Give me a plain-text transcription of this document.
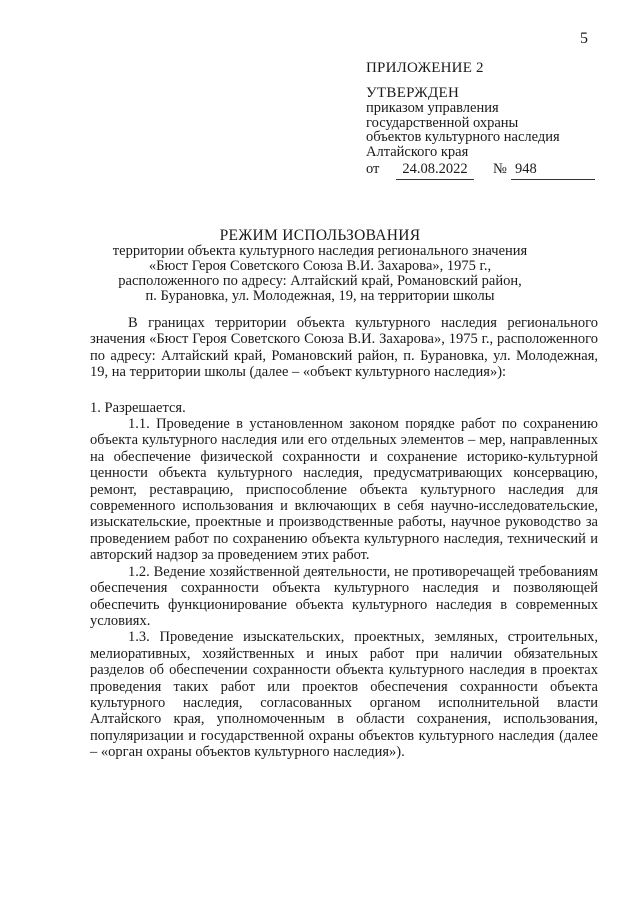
5
ПРИЛОЖЕНИЕ 2
УТВЕРЖДЕН
приказом управления
государственной охраны
объектов культурного наследия
Алтайского края
от	24.08.2022	№ 948
РЕЖИМ ИСПОЛЬЗОВАНИЯ
территории объекта культурного наследия регионального значения
«Бюст Героя Советского Союза В.И. Захарова», 1975 г.,
расположенного по адресу: Алтайский край, Романовский район,
п. Бурановка, ул. Молодежная, 19, на территории школы

В границах территории объекта культурного наследия регионального значения «Бюст Героя Советского Союза В.И. Захарова», 1975 г., расположенного по адресу: Алтайский край, Романовский район, п. Бурановка, ул. Молодежная, 19, на территории школы (далее – «объект культурного наследия»):

1. Разрешается.

1.1. Проведение в установленном законом порядке работ по сохранению объекта культурного наследия или его отдельных элементов – мер, направленных на обеспечение физической сохранности и сохранение историко-культурной ценности объекта культурного наследия, предусматривающих консервацию, ремонт, реставрацию, приспособление объекта культурного наследия для современного использования и включающих в себя научно-исследовательские, изыскательские, проектные и производственные работы, научное руководство за проведением работ по сохранению объекта культурного наследия, технический и авторский надзор за проведением этих работ.

1.2. Ведение хозяйственной деятельности, не противоречащей требованиям обеспечения сохранности объекта культурного наследия и позволяющей обеспечить функционирование объекта культурного наследия в современных условиях.

1.3. Проведение изыскательских, проектных, земляных, строительных, мелиоративных, хозяйственных и иных работ при наличии обязательных разделов об обеспечении сохранности объекта культурного наследия в проектах проведения таких работ или проектов обеспечения сохранности объекта культурного наследия, согласованных органом исполнительной власти Алтайского края, уполномоченным в области сохранения, использования, популяризации и государственной охраны объектов культурного наследия (далее – «орган охраны объектов культурного наследия»).
